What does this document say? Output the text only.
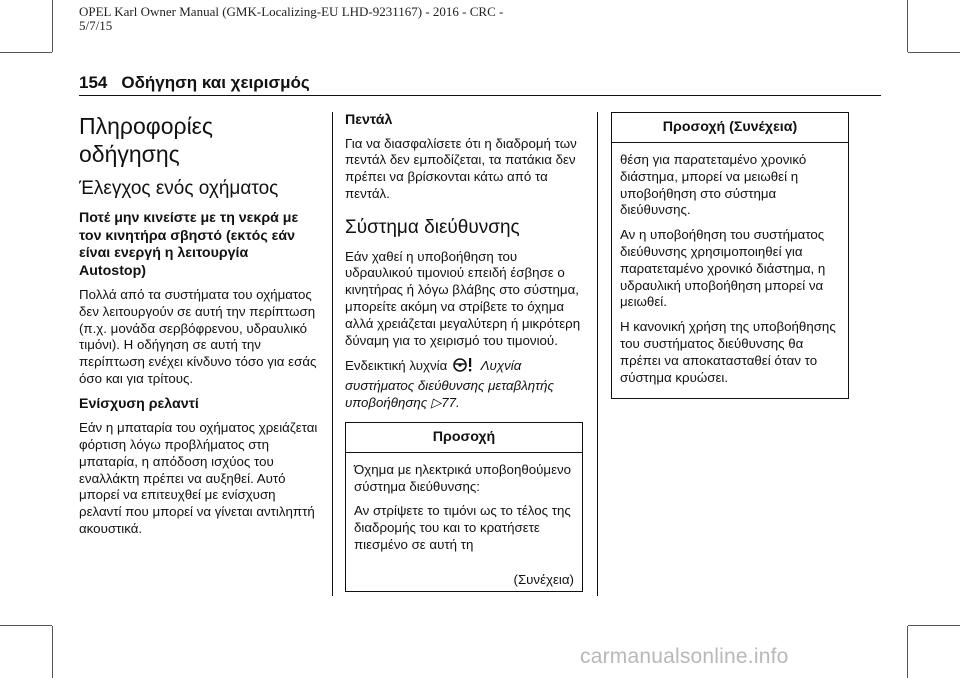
OPEL Karl Owner Manual (GMK-Localizing-EU LHD-9231167) - 2016 - CRC - 5/7/15
154 Οδήγηση και χειρισμός
Πληροφορίες οδήγησης
Έλεγχος ενός οχήματος
Ποτέ μην κινείστε με τη νεκρά με τον κινητήρα σβηστό (εκτός εάν είναι ενεργή η λειτουργία Autostop)

Πολλά από τα συστήματα του οχήματος δεν λειτουργούν σε αυτή την περίπτωση (π.χ. μονάδα σερβόφρενου, υδραυλικό τιμόνι). Η οδήγηση σε αυτή την περίπτωση ενέχει κίνδυνο τόσο για εσάς όσο και για τρίτους.

Ενίσχυση ρελαντί

Εάν η μπαταρία του οχήματος χρειάζεται φόρτιση λόγω προβλήματος στη μπαταρία, η απόδοση ισχύος του εναλλάκτη πρέπει να αυξηθεί. Αυτό μπορεί να επιτευχθεί με ενίσχυση ρελαντί που μπορεί να γίνεται αντιληπτή ακουστικά.

Πεντάλ

Για να διασφαλίσετε ότι η διαδρομή των πεντάλ δεν εμποδίζεται, τα πατάκια δεν πρέπει να βρίσκονται κάτω από τα πεντάλ.

Σύστημα διεύθυνσης

Εάν χαθεί η υποβοήθηση του υδραυλικού τιμονιού επειδή έσβησε ο κινητήρας ή λόγω βλάβης στο σύστημα, μπορείτε ακόμη να στρίβετε το όχημα αλλά χρειάζεται μεγαλύτερη ή μικρότερη δύναμη για το χειρισμό του τιμονιού.

Ενδεικτική λυχνία	Λυχνία συστήματος διεύθυνσης μεταβλητής υποβοήθησης ▷77.

Προσοχή

Όχημα με ηλεκτρικά υποβοηθούμενο σύστημα διεύθυνσης:

Αν στρίψετε το τιμόνι ως το τέλος της διαδρομής του και το κρατήσετε πιεσμένο σε αυτή τη

(Συνέχεια)
Προσοχή (Συνέχεια)

θέση για παρατεταμένο χρονικό διάστημα, μπορεί να μειωθεί η υποβοήθηση στο σύστημα διεύθυνσης.

Αν η υποβοήθηση του συστήματος διεύθυνσης χρησιμοποιηθεί για παρατεταμένο χρονικό διάστημα, η υδραυλική υποβοήθηση μπορεί να μειωθεί.

Η κανονική χρήση της υποβοήθησης του συστήματος διεύθυνσης θα πρέπει να αποκατασταθεί όταν το σύστημα κρυώσει.

carmanualsonline.info
